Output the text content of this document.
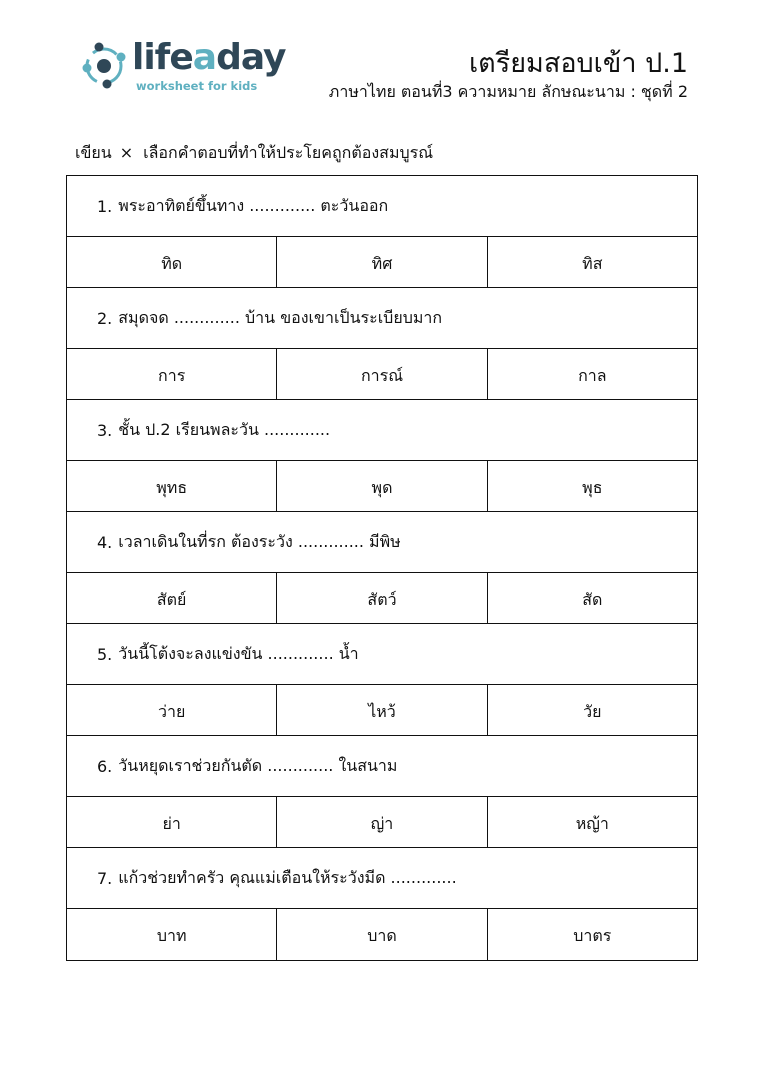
lifeaday
worksheet for kids
เตรียมสอบเข้า ป.1
ภาษาไทย ตอนที่3 ความหมาย ลักษณะนาม : ชุดที่ 2
เขียน × เลือกคำตอบที่ทำให้ประโยคถูกต้องสมบูรณ์
1. พระอาทิตย์ขึ้นทาง ............. ตะวันออก
ทิด	ทิศ	ทิส
2. สมุดจด ............. บ้าน ของเขาเป็นระเบียบมาก
การ	การณ์	กาล
3. ชั้น ป.2 เรียนพละวัน .............
พุทธ	พุด	พุธ
4. เวลาเดินในที่รก ต้องระวัง ............. มีพิษ
สัตย์	สัตว์	สัด
5. วันนี้โต้งจะลงแข่งขัน ............. น้ำ
ว่าย	ไหว้	วัย
6. วันหยุดเราช่วยกันตัด ............. ในสนาม
ย่า	ญ่า	หญ้า
7. แก้วช่วยทำครัว คุณแม่เตือนให้ระวังมีด .............
บาท	บาด	บาตร
